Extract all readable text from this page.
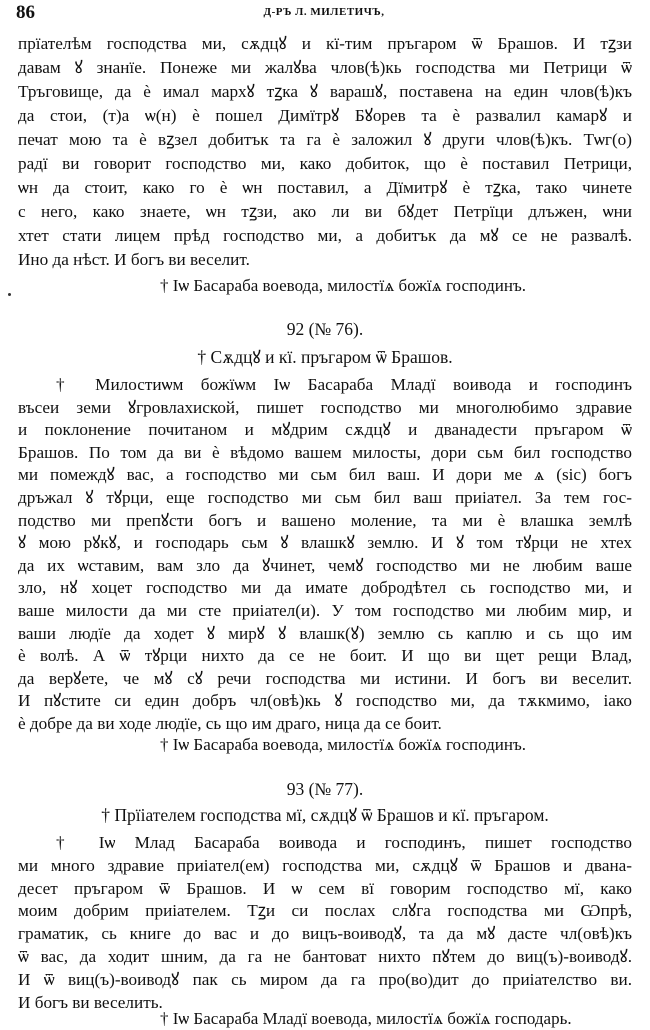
86	Д-РЪ Л. МИЛЕТИЧЪ,
прїателѣм господства ми, сѫдцꙋ и кї-тим пръгаром ѿ Брашов. И тꙁзи
давам ꙋ знанїе. Понеже ми жалꙋва члов(ѣ)кь господства ми Петрици ѿ
Тръговище, да ѐ имал мархꙋ тꙁка ꙋ варашꙋ, поставена на един члов(ѣ)къ
да стои, (т)а ѡ(н) ѐ пошел Димїтрꙋ Бꙋорев та ѐ развалил камарꙋ и
печат мою та ѐ вꙁзел добитък та га ѐ заложил ꙋ други члов(ѣ)къ. Тѡг(о)
радї ви говорит господство ми, како добиток, що ѐ поставил Петрици,
ѡн да стоит, како го ѐ ѡн поставил, а Дїмитрꙋ ѐ тꙁка, тако чинете
с него, како знаете, ѡн тꙁзи, ако ли ви бꙋдет Петрїци длъжен, ѡни
хтет стати лицем прѣд господство ми, а добитък да мꙋ се не развалѣ.
Ино да нѣст. И богъ ви веселит.
† Іѡ Басараба воевода, милостїѧ божїѧ господинъ.
92 (№ 76).
† Сѫдцꙋ и кї. пръгаром ѿ Брашов.
† Милостиѡм божїѡм Іѡ Басараба Младї воивода и господинъ
въсеи земи ꙋгровлахиской, пишет господство ми многолюбимо здравие
и поклонение почитаном и мꙋдрим сѫдцꙋ и дванадести пръгаром ѿ
Брашов. По том да ви ѐ вѣдомо вашем милосты, дори сьм бил господство
ми помеждꙋ вас, а господство ми сьм бил ваш. И дори ме ѧ (sic) богъ
дръжал ꙋ тꙋрци, еще господство ми сьм бил ваш приiател. За тем гос-
подство ми препꙋсти богъ и вашено моление, та ми ѐ влашка землѣ
ꙋ мою рꙋкꙋ, и господарь сьм ꙋ влашкꙋ землю. И ꙋ том тꙋрци не хтех
да их ѡставим, вам зло да ꙋчинет, чемꙋ господство ми не любим ваше
зло, нꙋ хоцет господство ми да имате добродѣтел сь господство ми, и
ваше милости да ми сте приiател(и). У том господство ми любим мир, и
ваши людїе да ходет ꙋ мирꙋ ꙋ влашк(ꙋ) землю сь каплю и сь що им
ѐ волѣ. А ѿ тꙋрци нихто да се не боит. И що ви щет рещи Влад,
да верꙋете, че мꙋ сꙋ речи господства ми истини. И богъ ви веселит.
И пꙋстите си един добръ чл(овѣ)кь ꙋ господство ми, да тѫкмимо, iако
ѐ добре да ви ходе людїе, сь що им драго, ница да се боит.
† Іѡ Басараба воевода, милостїѧ божїѧ господинъ.
93 (№ 77).
† Прїiателем господства мї, сѫдцꙋ ѿ Брашов и кї. пръгаром.
† Іѡ Млад Басараба воивода и господинъ, пишет господство
ми много здравие приiател(ем) господства ми, сѫдцꙋ ѿ Брашов и двана-
десет пръгаром ѿ Брашов. И ѡ сем вї говорим господство мї, како
моим добрим приiателем. Тꙁи си послах слꙋга господства ми Ѡпрѣ,
граматик, сь книге до вас и до вицъ-воиводꙋ, та да мꙋ дасте чл(овѣ)къ
ѿ вас, да ходит шним, да га не бантоват нихто пꙋтем до виц(ъ)-воиводꙋ.
И ѿ виц(ъ)-воиводꙋ пак сь миром да га про(во)дит до приiателство ви.
И богъ ви веселить.
† Іѡ Басараба Младї воевода, милостїѧ божїѧ господарь.
